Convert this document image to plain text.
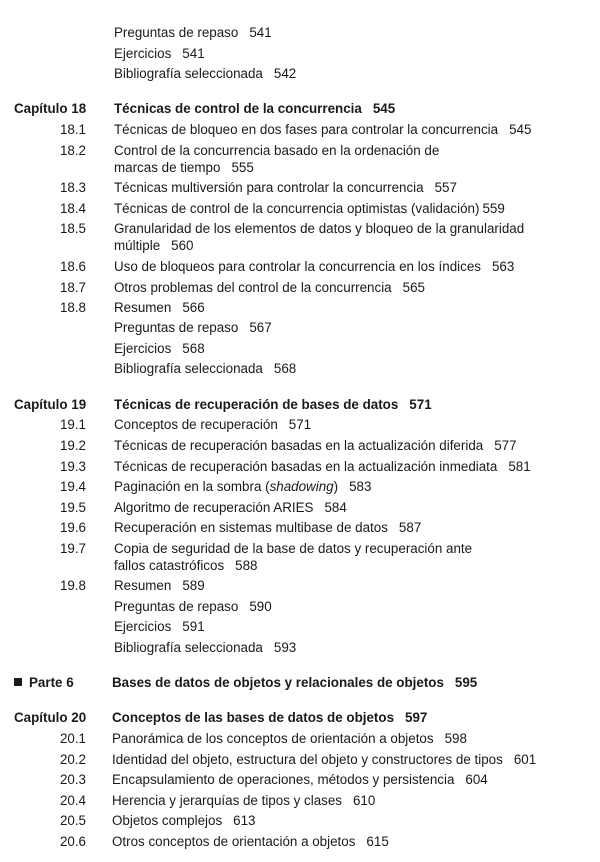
Preguntas de repaso 541
Ejercicios 541
Bibliografía seleccionada 542
Capítulo 18 Técnicas de control de la concurrencia 545
18.1 Técnicas de bloqueo en dos fases para controlar la concurrencia 545
18.2 Control de la concurrencia basado en la ordenación de
marcas de tiempo 555
18.3 Técnicas multiversión para controlar la concurrencia 557
18.4 Técnicas de control de la concurrencia optimistas (validación) 559
18.5 Granularidad de los elementos de datos y bloqueo de la granularidad
múltiple 560
18.6 Uso de bloqueos para controlar la concurrencia en los índices 563
18.7 Otros problemas del control de la concurrencia 565
18.8 Resumen 566
Preguntas de repaso 567
Ejercicios 568
Bibliografía seleccionada 568
Capítulo 19 Técnicas de recuperación de bases de datos 571
19.1 Conceptos de recuperación 571
19.2 Técnicas de recuperación basadas en la actualización diferida 577
19.3 Técnicas de recuperación basadas en la actualización inmediata 581
19.4 Paginación en la sombra (shadowing) 583
19.5 Algoritmo de recuperación ARIES 584
19.6 Recuperación en sistemas multibase de datos 587
19.7 Copia de seguridad de la base de datos y recuperación ante
fallos catastróficos 588
19.8 Resumen 589
Preguntas de repaso 590
Ejercicios 591
Bibliografía seleccionada 593
Parte 6	Bases de datos de objetos y relacionales de objetos 595
Capítulo 20 Conceptos de las bases de datos de objetos 597
20.1 Panorámica de los conceptos de orientación a objetos 598
20.2 Identidad del objeto, estructura del objeto y constructores de tipos 601
20.3 Encapsulamiento de operaciones, métodos y persistencia 604
20.4 Herencia y jerarquías de tipos y clases 610
20.5 Objetos complejos 613
20.6 Otros conceptos de orientación a objetos 615
